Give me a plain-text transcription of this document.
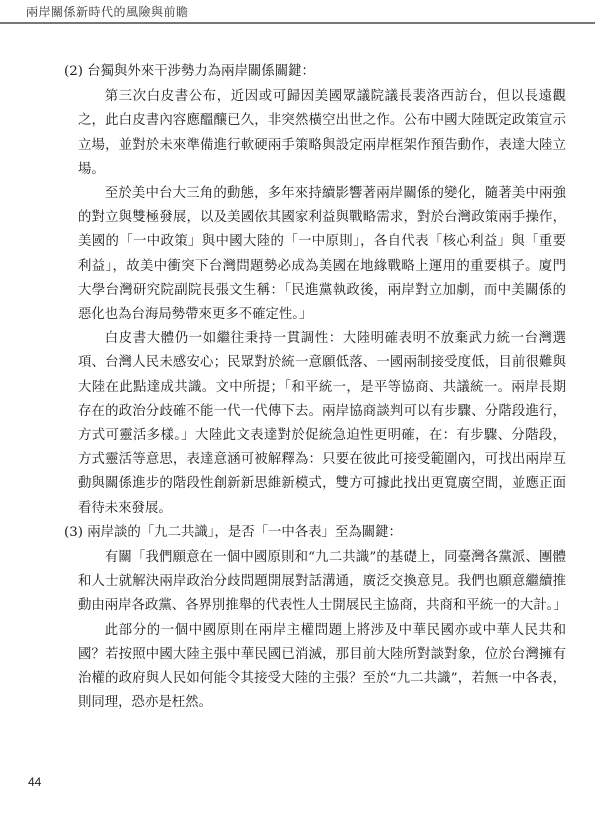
兩岸關係新時代的風險與前瞻

(2) 台獨與外來干涉勢力為兩岸關係關鍵：

第三次白皮書公布，近因或可歸因美國眾議院議長裴洛西訪台，但以長遠觀之，此白皮書內容應醞釀已久，非突然橫空出世之作。公布中國大陸既定政策宣示立場，並對於未來準備進行軟硬兩手策略與設定兩岸框架作預告動作，表達大陸立場。

至於美中台大三角的動態，多年來持續影響著兩岸關係的變化，隨著美中兩強的對立與雙極發展，以及美國依其國家利益與戰略需求，對於台灣政策兩手操作，美國的「一中政策」與中國大陸的「一中原則」，各自代表「核心利益」與「重要利益」，故美中衝突下台灣問題勢必成為美國在地緣戰略上運用的重要棋子。廈門大學台灣研究院副院長張文生稱：「民進黨執政後，兩岸對立加劇，而中美關係的惡化也為台海局勢帶來更多不確定性。」

白皮書大體仍一如繼往秉持一貫調性：大陸明確表明不放棄武力統一台灣選項、台灣人民未感安心；民眾對於統一意願低落、一國兩制接受度低，目前很難與大陸在此點達成共識。文中所提；「和平統一，是平等協商、共議統一。兩岸長期存在的政治分歧確不能一代一代傳下去。兩岸協商談判可以有步驟、分階段進行，方式可靈活多樣。」大陸此文表達對於促統急迫性更明確，在：有步驟、分階段，方式靈活等意思，表達意涵可被解釋為：只要在彼此可接受範圍內，可找出兩岸互動與關係進步的階段性創新新思維新模式，雙方可據此找出更寬廣空間，並應正面看待未來發展。

(3) 兩岸談的「九二共識」，是否「一中各表」至為關鍵：

有關「我們願意在一個中國原則和“九二共識”的基礎上，同臺灣各黨派、團體和人士就解決兩岸政治分歧問題開展對話溝通，廣泛交換意見。我們也願意繼續推動由兩岸各政黨、各界別推舉的代表性人士開展民主協商，共商和平統一的大計。」

此部分的一個中國原則在兩岸主權問題上將涉及中華民國亦或中華人民共和國？若按照中國大陸主張中華民國已消滅，那目前大陸所對談對象，位於台灣擁有治權的政府與人民如何能令其接受大陸的主張？至於“九二共識”，若無一中各表，則同理，恐亦是枉然。

44
